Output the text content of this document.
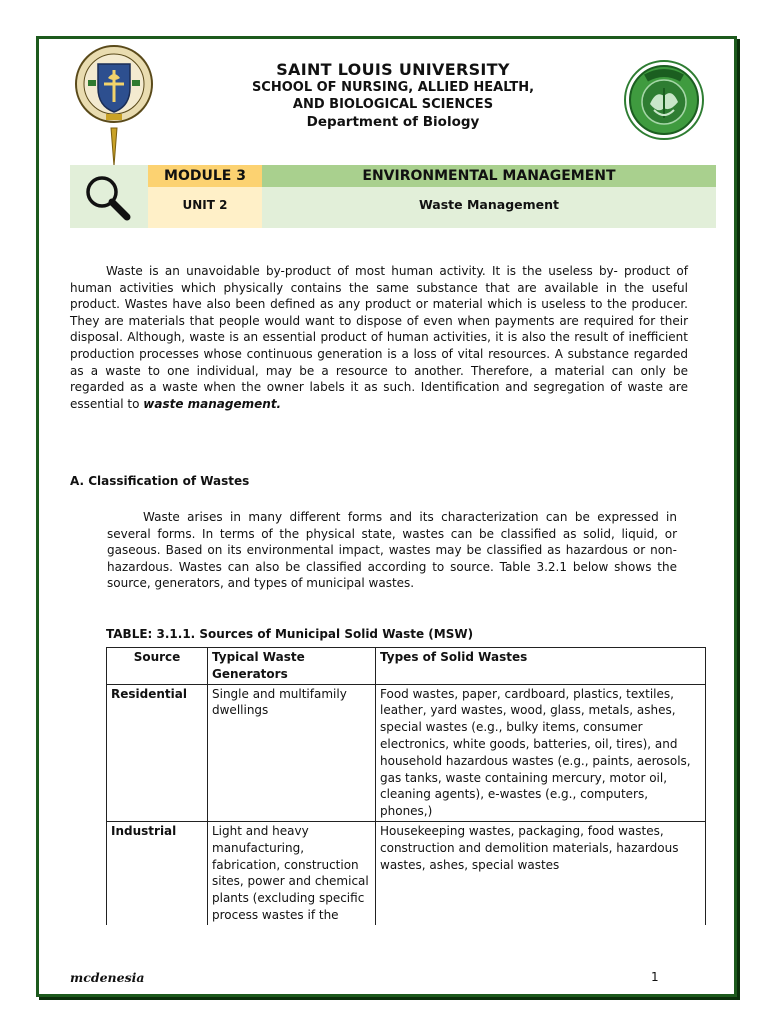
SAINT LOUIS UNIVERSITY
SCHOOL OF NURSING, ALLIED HEALTH,
AND BIOLOGICAL SCIENCES
Department of Biology
MODULE 3	ENVIRONMENTAL MANAGEMENT
UNIT 2	Waste Management
Waste is an unavoidable by-product of most human activity. It is the useless by- product of human activities which physically contains the same substance that are available in the useful product. Wastes have also been defined as any product or material which is useless to the producer. They are materials that people would want to dispose of even when payments are required for their disposal. Although, waste is an essential product of human activities, it is also the result of inefficient production processes whose continuous generation is a loss of vital resources. A substance regarded as a waste to one individual, may be a resource to another. Therefore, a material can only be regarded as a waste when the owner labels it as such. Identification and segregation of waste are essential to waste management.
A. Classification of Wastes
Waste arises in many different forms and its characterization can be expressed in several forms. In terms of the physical state, wastes can be classified as solid, liquid, or gaseous. Based on its environmental impact, wastes may be classified as hazardous or non-hazardous. Wastes can also be classified according to source. Table 3.2.1 below shows the source, generators, and types of municipal wastes.
TABLE: 3.1.1. Sources of Municipal Solid Waste (MSW)
Source	Typical Waste Generators	Types of Solid Wastes
Residential	Single and multifamily dwellings	Food wastes, paper, cardboard, plastics, textiles, leather, yard wastes, wood, glass, metals, ashes, special wastes (e.g., bulky items, consumer electronics, white goods, batteries, oil, tires), and household hazardous wastes (e.g., paints, aerosols, gas tanks, waste containing mercury, motor oil, cleaning agents), e-wastes (e.g., computers, phones,)
Industrial	Light and heavy manufacturing, fabrication, construction sites, power and chemical plants (excluding specific process wastes if the	Housekeeping wastes, packaging, food wastes, construction and demolition materials, hazardous wastes, ashes, special wastes
mcdenesia	1
